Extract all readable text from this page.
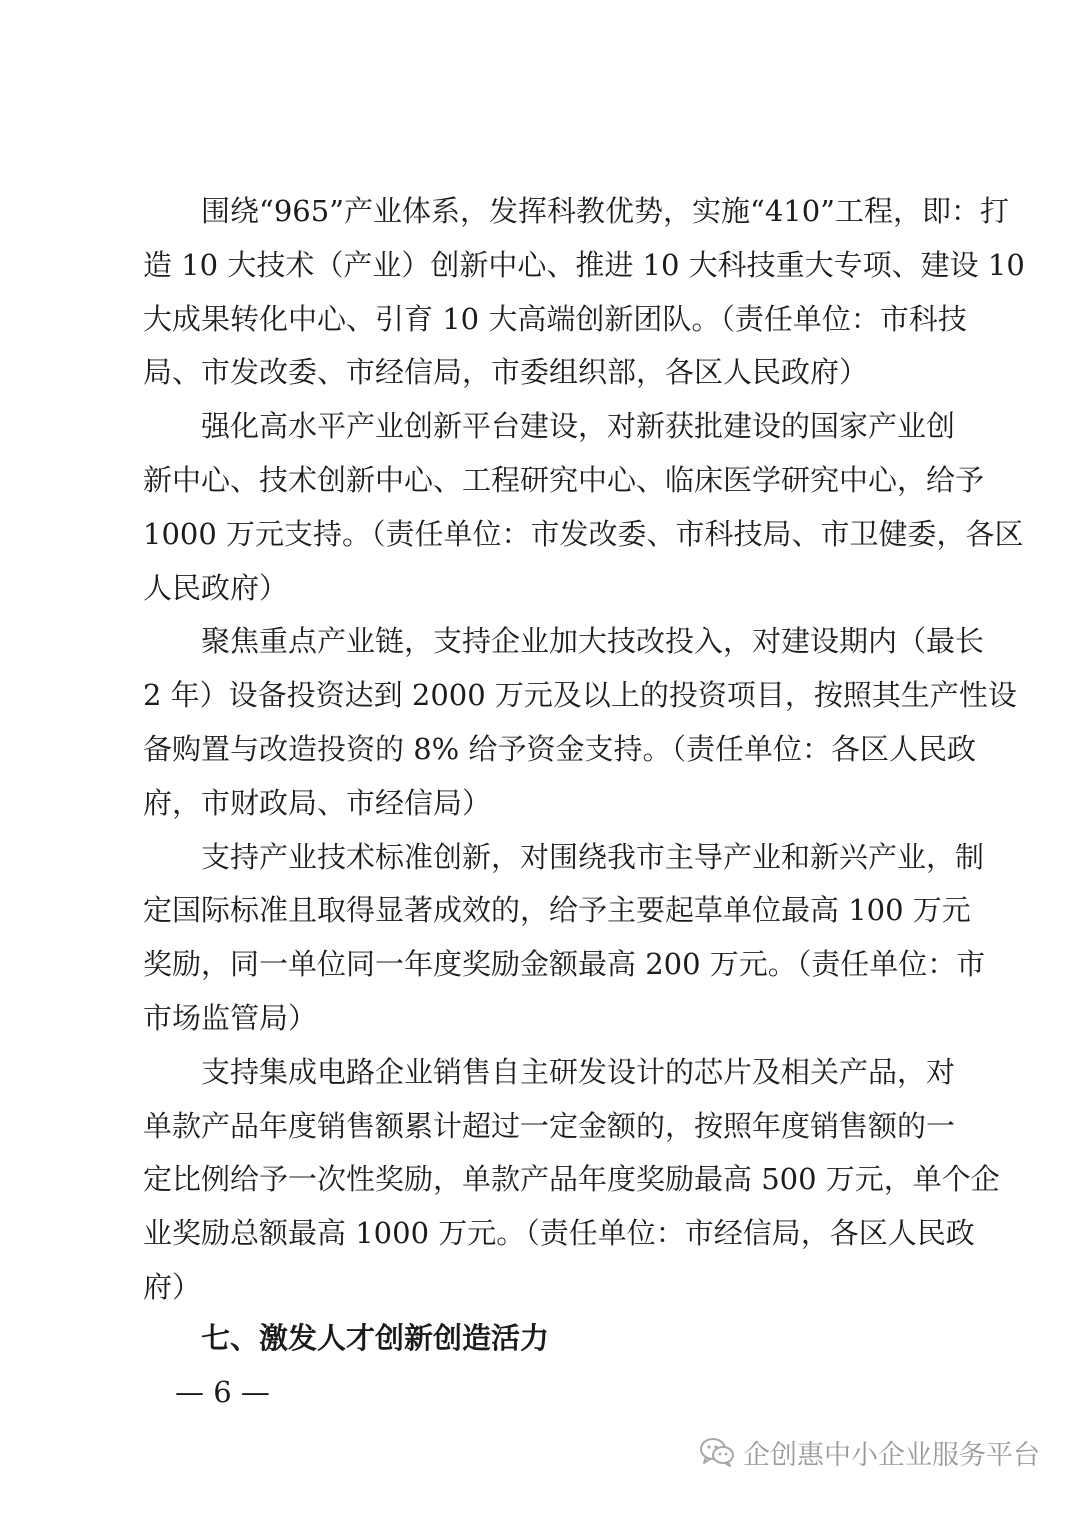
围绕“965”产业体系，发挥科教优势，实施“410”工程，即：打
造 10 大技术（产业）创新中心、推进 10 大科技重大专项、建设 10
大成果转化中心、引育 10 大高端创新团队。（责任单位：市科技
局、市发改委、市经信局，市委组织部，各区人民政府）
强化高水平产业创新平台建设，对新获批建设的国家产业创
新中心、技术创新中心、工程研究中心、临床医学研究中心，给予
1000 万元支持。（责任单位：市发改委、市科技局、市卫健委，各区
人民政府）
聚焦重点产业链，支持企业加大技改投入，对建设期内（最长
2 年）设备投资达到 2000 万元及以上的投资项目，按照其生产性设
备购置与改造投资的 8% 给予资金支持。（责任单位：各区人民政
府，市财政局、市经信局）
支持产业技术标准创新，对围绕我市主导产业和新兴产业，制
定国际标准且取得显著成效的，给予主要起草单位最高 100 万元
奖励，同一单位同一年度奖励金额最高 200 万元。（责任单位：市
市场监管局）
支持集成电路企业销售自主研发设计的芯片及相关产品，对
单款产品年度销售额累计超过一定金额的，按照年度销售额的一
定比例给予一次性奖励，单款产品年度奖励最高 500 万元，单个企
业奖励总额最高 1000 万元。（责任单位：市经信局，各区人民政
府）
七、激发人才创新创造活力
— 6 —
企创惠中小企业服务平台
